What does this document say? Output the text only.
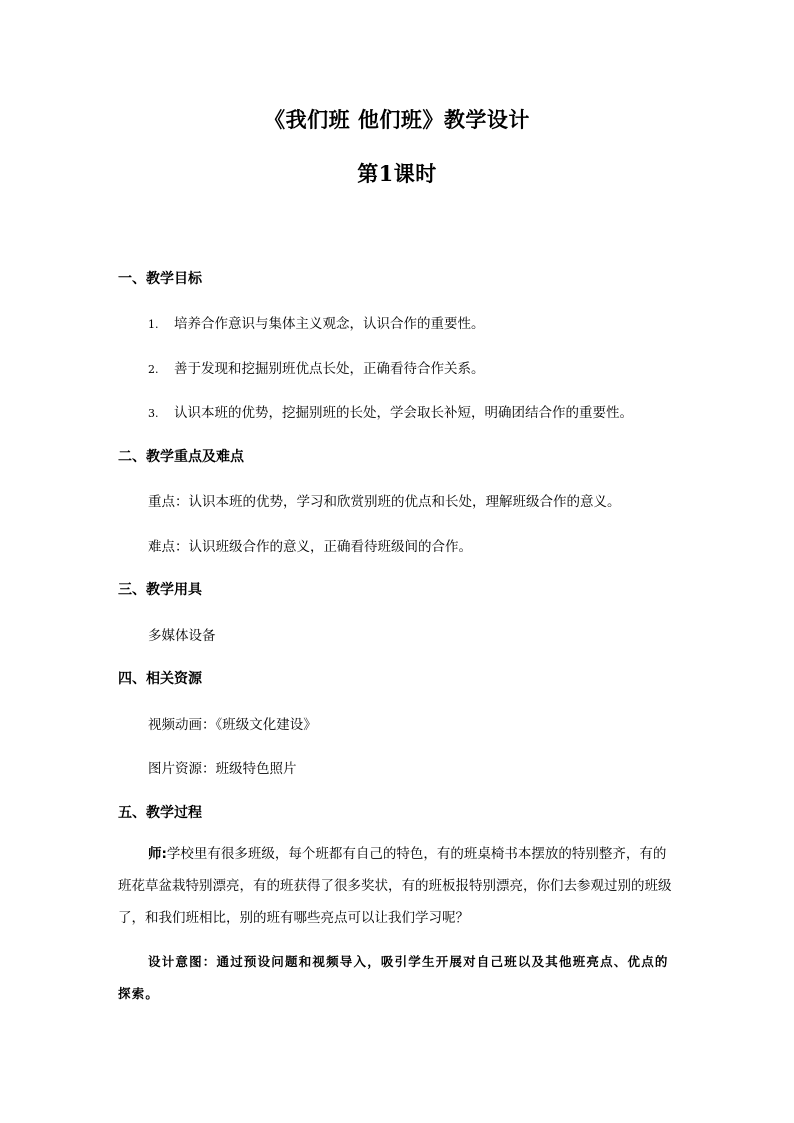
《我们班 他们班》教学设计
第1课时
一、教学目标
1. 培养合作意识与集体主义观念，认识合作的重要性。
2. 善于发现和挖掘别班优点长处，正确看待合作关系。
3. 认识本班的优势，挖掘别班的长处，学会取长补短，明确团结合作的重要性。
二、教学重点及难点
重点：认识本班的优势，学习和欣赏别班的优点和长处，理解班级合作的意义。
难点：认识班级合作的意义，正确看待班级间的合作。
三、教学用具
多媒体设备
四、相关资源
视频动画：《班级文化建设》
图片资源：班级特色照片
五、教学过程
师:学校里有很多班级，每个班都有自己的特色，有的班桌椅书本摆放的特别整齐，有的班花草盆栽特别漂亮，有的班获得了很多奖状，有的班板报特别漂亮，你们去参观过别的班级了，和我们班相比，别的班有哪些亮点可以让我们学习呢？
设计意图：通过预设问题和视频导入，吸引学生开展对自己班以及其他班亮点、优点的探索。
